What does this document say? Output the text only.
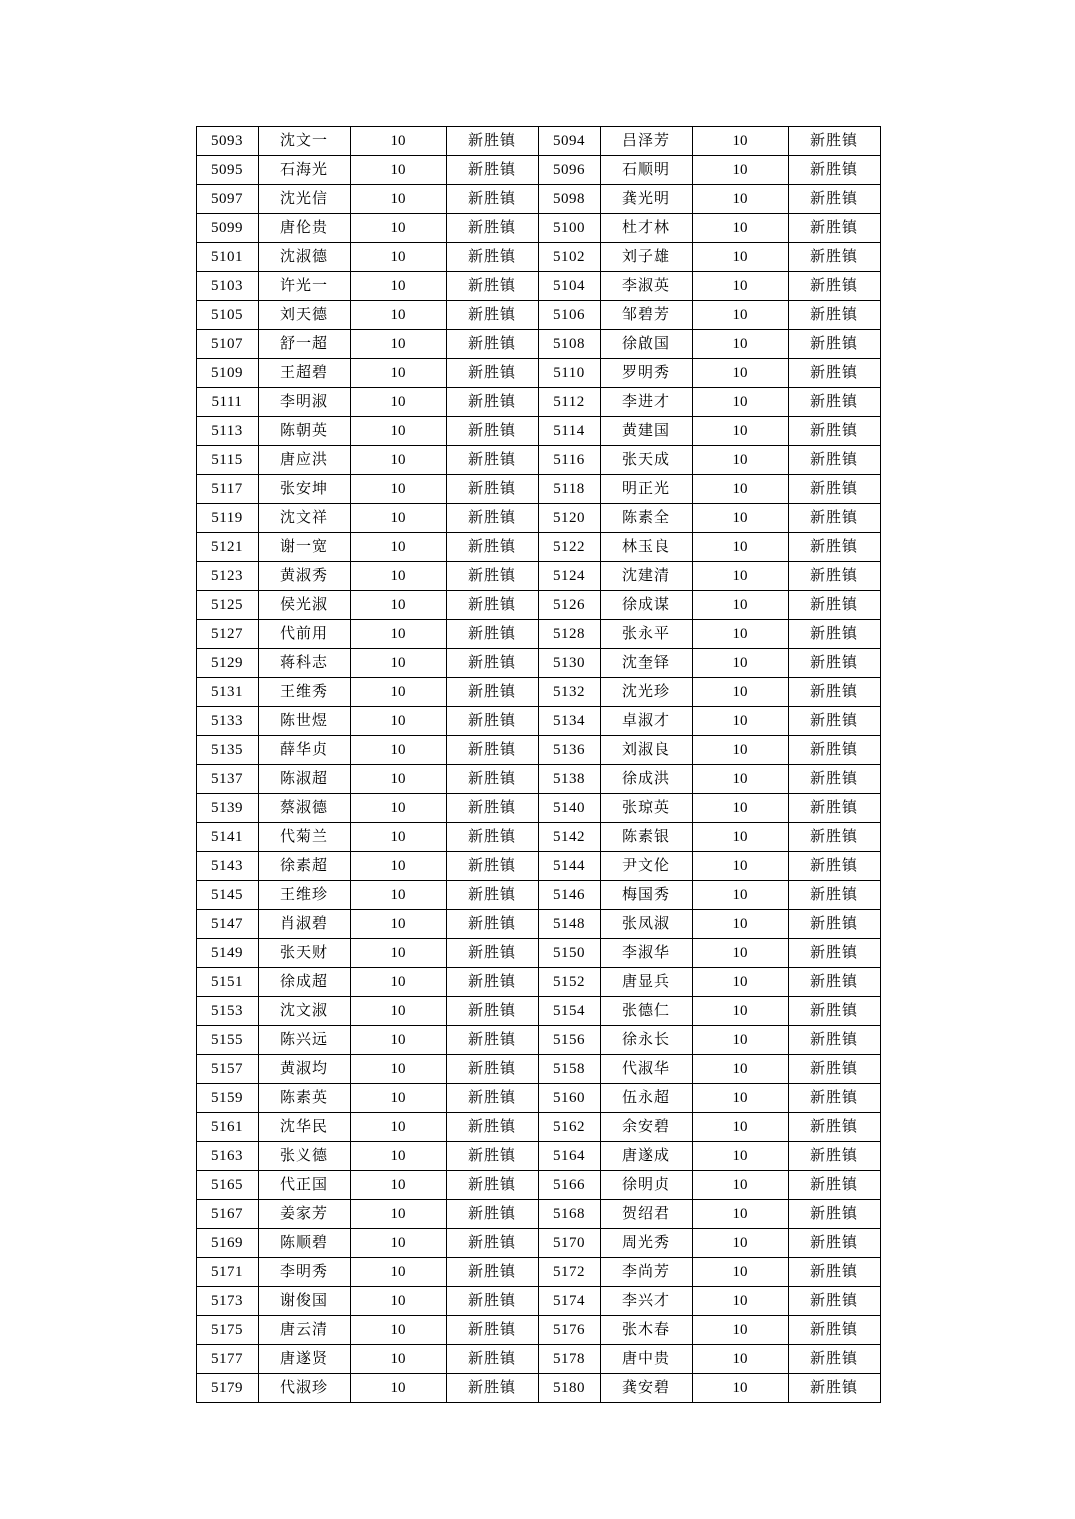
5093	沈文一	10	新胜镇	5094	吕泽芳	10	新胜镇
5095	石海光	10	新胜镇	5096	石顺明	10	新胜镇
5097	沈光信	10	新胜镇	5098	龚光明	10	新胜镇
5099	唐伦贵	10	新胜镇	5100	杜才林	10	新胜镇
5101	沈淑德	10	新胜镇	5102	刘子雄	10	新胜镇
5103	许光一	10	新胜镇	5104	李淑英	10	新胜镇
5105	刘天德	10	新胜镇	5106	邹碧芳	10	新胜镇
5107	舒一超	10	新胜镇	5108	徐啟国	10	新胜镇
5109	王超碧	10	新胜镇	5110	罗明秀	10	新胜镇
5111	李明淑	10	新胜镇	5112	李进才	10	新胜镇
5113	陈朝英	10	新胜镇	5114	黄建国	10	新胜镇
5115	唐应洪	10	新胜镇	5116	张天成	10	新胜镇
5117	张安坤	10	新胜镇	5118	明正光	10	新胜镇
5119	沈文祥	10	新胜镇	5120	陈素全	10	新胜镇
5121	谢一宽	10	新胜镇	5122	林玉良	10	新胜镇
5123	黄淑秀	10	新胜镇	5124	沈建清	10	新胜镇
5125	侯光淑	10	新胜镇	5126	徐成谋	10	新胜镇
5127	代前用	10	新胜镇	5128	张永平	10	新胜镇
5129	蒋科志	10	新胜镇	5130	沈奎铎	10	新胜镇
5131	王维秀	10	新胜镇	5132	沈光珍	10	新胜镇
5133	陈世煜	10	新胜镇	5134	卓淑才	10	新胜镇
5135	薛华贞	10	新胜镇	5136	刘淑良	10	新胜镇
5137	陈淑超	10	新胜镇	5138	徐成洪	10	新胜镇
5139	蔡淑德	10	新胜镇	5140	张琼英	10	新胜镇
5141	代菊兰	10	新胜镇	5142	陈素银	10	新胜镇
5143	徐素超	10	新胜镇	5144	尹文伦	10	新胜镇
5145	王维珍	10	新胜镇	5146	梅国秀	10	新胜镇
5147	肖淑碧	10	新胜镇	5148	张凤淑	10	新胜镇
5149	张天财	10	新胜镇	5150	李淑华	10	新胜镇
5151	徐成超	10	新胜镇	5152	唐显兵	10	新胜镇
5153	沈文淑	10	新胜镇	5154	张德仁	10	新胜镇
5155	陈兴远	10	新胜镇	5156	徐永长	10	新胜镇
5157	黄淑均	10	新胜镇	5158	代淑华	10	新胜镇
5159	陈素英	10	新胜镇	5160	伍永超	10	新胜镇
5161	沈华民	10	新胜镇	5162	余安碧	10	新胜镇
5163	张义德	10	新胜镇	5164	唐遂成	10	新胜镇
5165	代正国	10	新胜镇	5166	徐明贞	10	新胜镇
5167	姜家芳	10	新胜镇	5168	贺绍君	10	新胜镇
5169	陈顺碧	10	新胜镇	5170	周光秀	10	新胜镇
5171	李明秀	10	新胜镇	5172	李尚芳	10	新胜镇
5173	谢俊国	10	新胜镇	5174	李兴才	10	新胜镇
5175	唐云清	10	新胜镇	5176	张木春	10	新胜镇
5177	唐遂贤	10	新胜镇	5178	唐中贵	10	新胜镇
5179	代淑珍	10	新胜镇	5180	龚安碧	10	新胜镇
